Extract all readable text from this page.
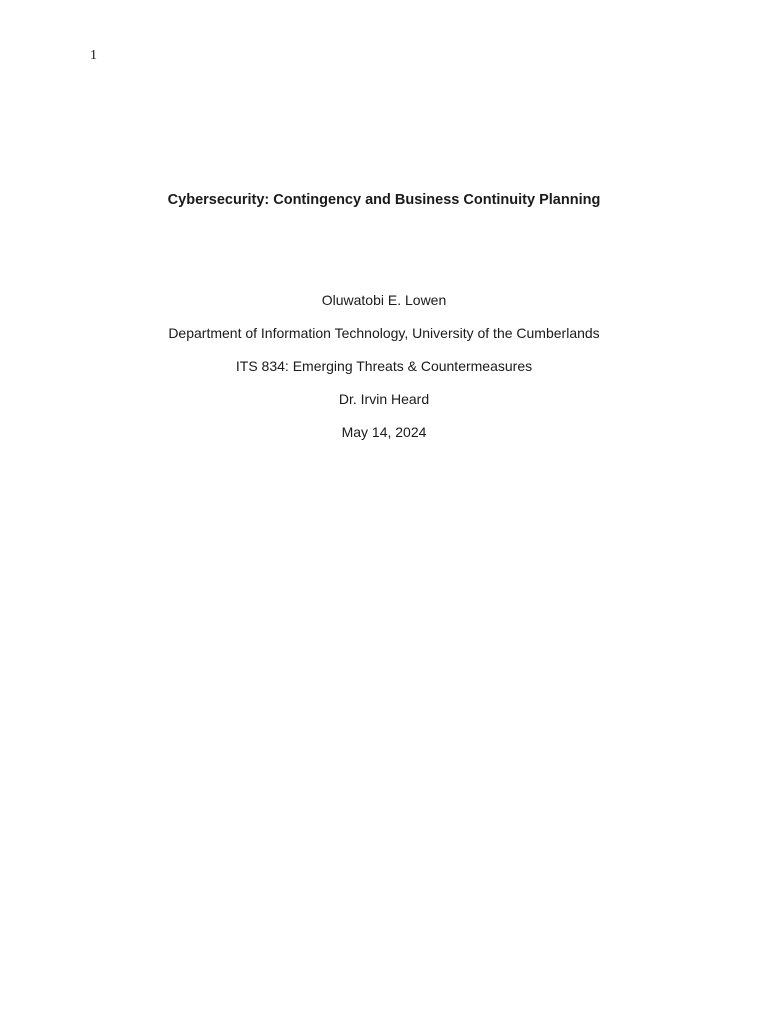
1
Cybersecurity: Contingency and Business Continuity Planning
Oluwatobi E. Lowen
Department of Information Technology, University of the Cumberlands
ITS 834: Emerging Threats & Countermeasures
Dr. Irvin Heard
May 14, 2024
